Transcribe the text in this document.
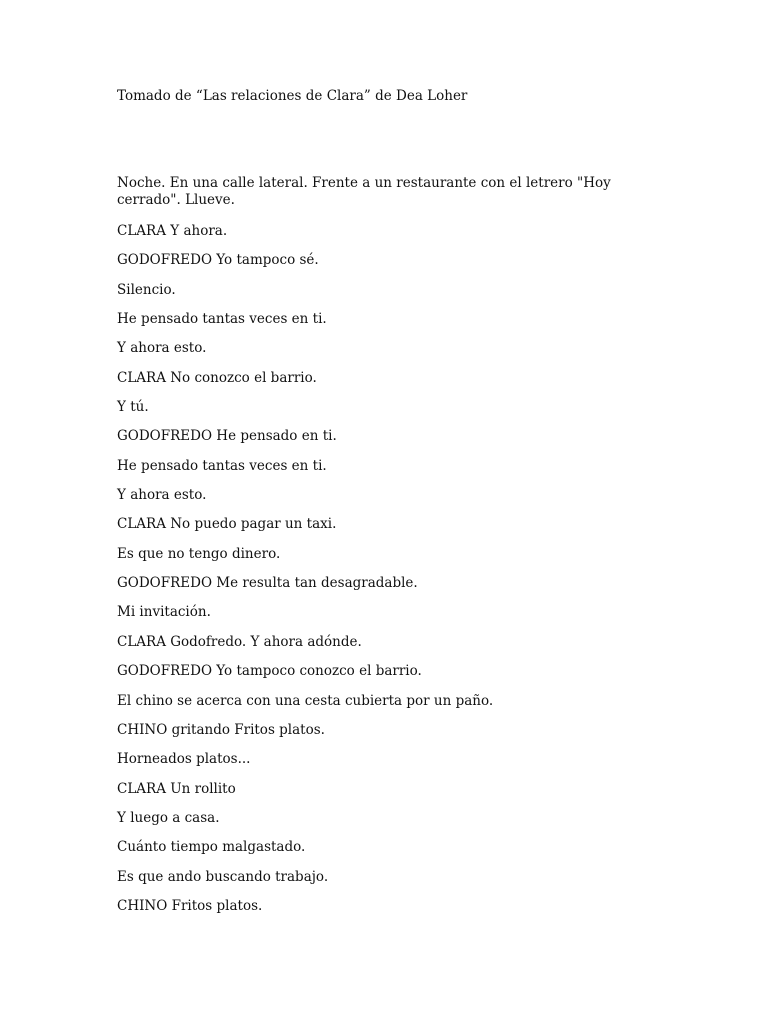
Tomado de “Las relaciones de Clara” de Dea Loher
Noche. En una calle lateral. Frente a un restaurante con el letrero "Hoy cerrado". Llueve.
CLARA Y ahora.
GODOFREDO Yo tampoco sé.
Silencio.
He pensado tantas veces en ti.
Y ahora esto.
CLARA No conozco el barrio.
Y tú.
GODOFREDO He pensado en ti.
He pensado tantas veces en ti.
Y ahora esto.
CLARA No puedo pagar un taxi.
Es que no tengo dinero.
GODOFREDO Me resulta tan desagradable.
Mi invitación.
CLARA Godofredo. Y ahora adónde.
GODOFREDO Yo tampoco conozco el barrio.
El chino se acerca con una cesta cubierta por un paño.
CHINO gritando Fritos platos.
Horneados platos...
CLARA Un rollito
Y luego a casa.
Cuánto tiempo malgastado.
Es que ando buscando trabajo.
CHINO Fritos platos.
